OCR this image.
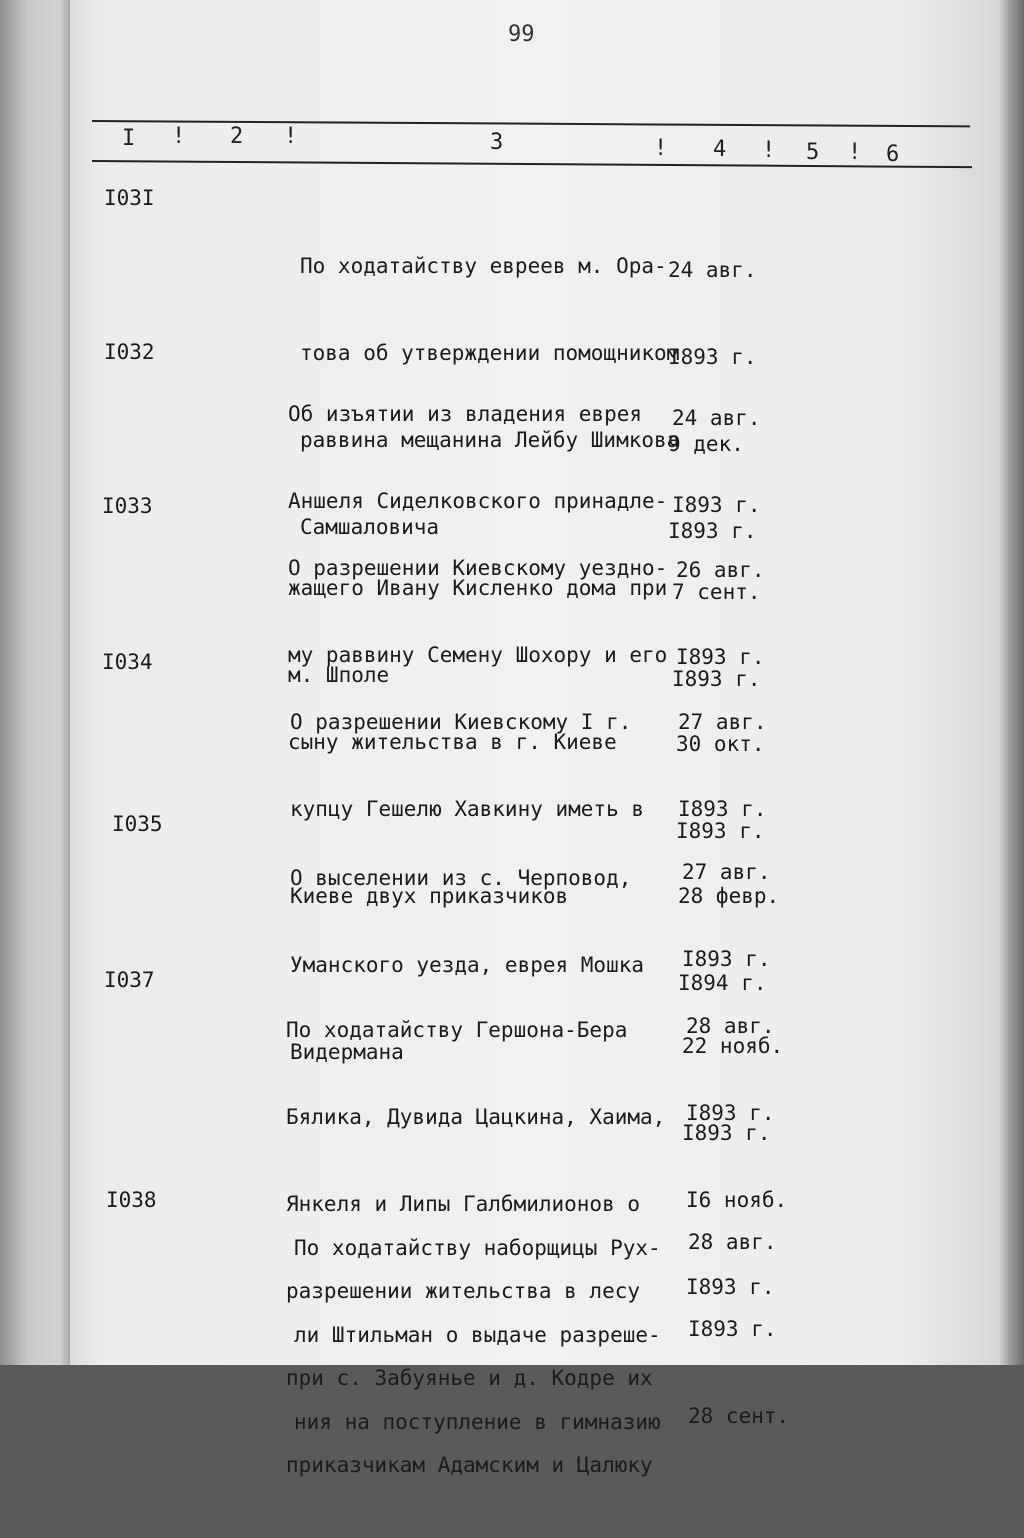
99
I ! 2 !	3	! 4 ! 5 ! 6
I03I

По ходатайству евреев м. Ора-

това об утверждении помощником

раввина мещанина Лейбу Шимкова

Самшаловича

24 авг.

I893 г.

9 дек.

I893 г.

I032

Об изъятии из владения еврея

Аншеля Сиделковского принадле-

жащего Ивану Кисленко дома при

м. Шполе

24 авг.

I893 г.

7 сент.

I893 г.

I033

О разрешении Киевскому уездно-

му раввину Семену Шохору и его

сыну жительства в г. Киеве

26 авг.

I893 г.

30 окт.

I893 г.

I034

О разрешении Киевскому I г.

купцу Гешелю Хавкину иметь в

Киеве двух приказчиков

27 авг.

I893 г.

28 февр.

I894 г.

I035

О выселении из с. Черповод,

Уманского уезда, еврея Мошка

Видермана

27 авг.

I893 г.

22 нояб.

I893 г.

I037

По ходатайству Гершона-Бера

Бялика, Дувида Цацкина, Хаима,

Янкеля и Липы Галбмилионов о

разрешении жительства в лесу

при с. Забуянье и д. Кодре их

приказчикам Адамским и Цалюку

28 авг.

I893 г.

I6 нояб.

I893 г.

I038

По ходатайству наборщицы Рух-

ли Штильман о выдаче разреше-

ния на поступление в гимназию

28 авг.

I893 г.

28 сент.
